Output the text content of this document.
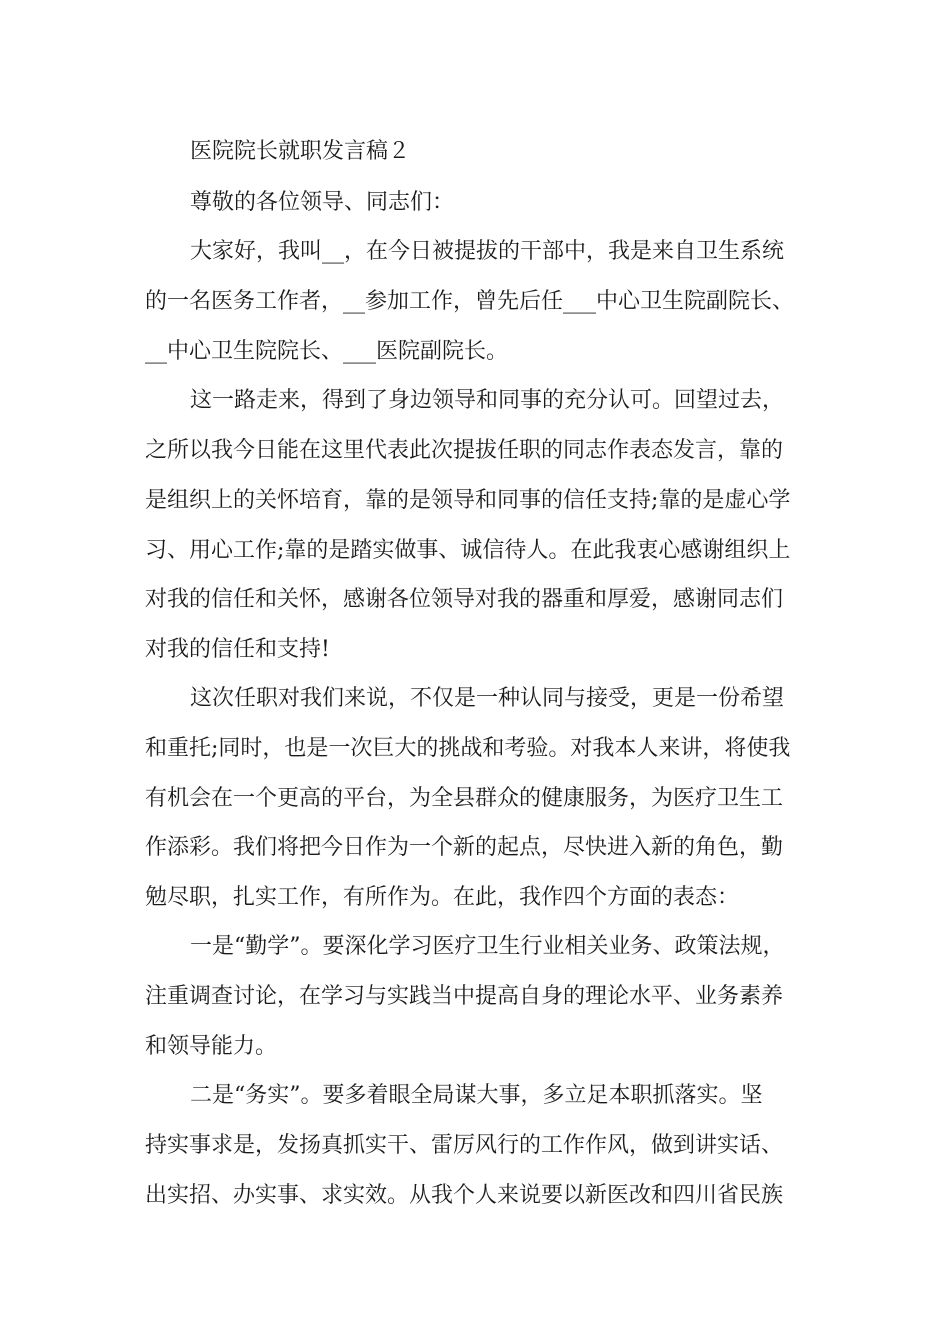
医院院长就职发言稿２
尊敬的各位领导、同志们：
大家好，我叫__，在今日被提拔的干部中，我是来自卫生系统
的一名医务工作者，__参加工作，曾先后任___中心卫生院副院长、
__中心卫生院院长、___医院副院长。
这一路走来，得到了身边领导和同事的充分认可。回望过去，
之所以我今日能在这里代表此次提拔任职的同志作表态发言，靠的
是组织上的关怀培育，靠的是领导和同事的信任支持;靠的是虚心学
习、用心工作;靠的是踏实做事、诚信待人。在此我衷心感谢组织上
对我的信任和关怀，感谢各位领导对我的器重和厚爱，感谢同志们
对我的信任和支持!
这次任职对我们来说，不仅是一种认同与接受，更是一份希望
和重托;同时，也是一次巨大的挑战和考验。对我本人来讲，将使我
有机会在一个更高的平台，为全县群众的健康服务，为医疗卫生工
作添彩。我们将把今日作为一个新的起点，尽快进入新的角色，勤
勉尽职，扎实工作，有所作为。在此，我作四个方面的表态：
一是“勤学”。要深化学习医疗卫生行业相关业务、政策法规，
注重调查讨论，在学习与实践当中提高自身的理论水平、业务素养
和领导能力。
二是“务实”。要多着眼全局谋大事，多立足本职抓落实。坚
持实事求是，发扬真抓实干、雷厉风行的工作作风，做到讲实话、
出实招、办实事、求实效。从我个人来说要以新医改和四川省民族
